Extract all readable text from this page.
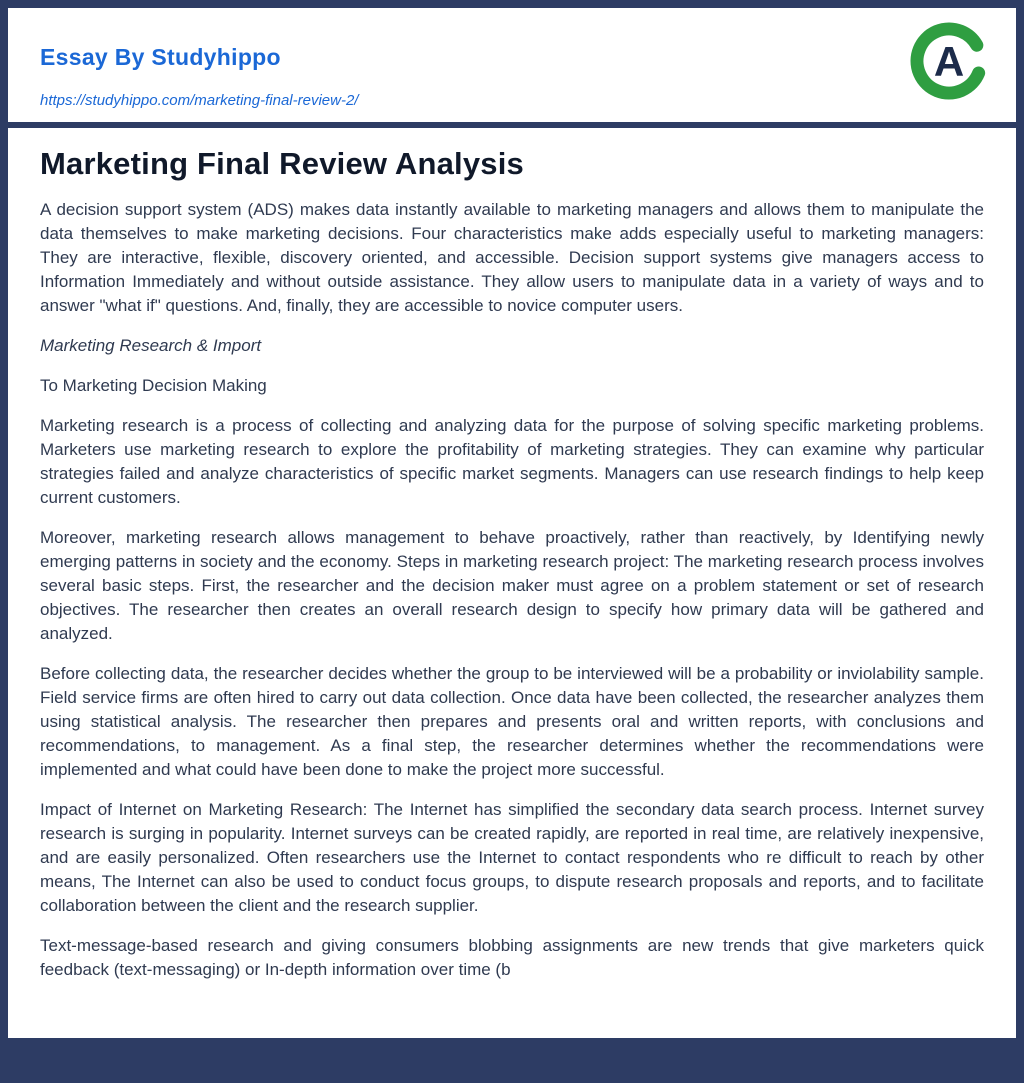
Essay By Studyhippo
https://studyhippo.com/marketing-final-review-2/
A
Marketing Final Review Analysis

A decision support system (ADS) makes data instantly available to marketing managers and allows them to manipulate the data themselves to make marketing decisions. Four characteristics make adds especially useful to marketing managers: They are interactive, flexible, discovery oriented, and accessible. Decision support systems give managers access to Information Immediately and without outside assistance. They allow users to manipulate data in a variety of ways and to answer "what if" questions. And, finally, they are accessible to novice computer users.

Marketing Research & Import

To Marketing Decision Making

Marketing research is a process of collecting and analyzing data for the purpose of solving specific marketing problems. Marketers use marketing research to explore the profitability of marketing strategies. They can examine why particular strategies failed and analyze characteristics of specific market segments. Managers can use research findings to help keep current customers.

Moreover, marketing research allows management to behave proactively, rather than reactively, by Identifying newly emerging patterns in society and the economy. Steps in marketing research project: The marketing research process involves several basic steps. First, the researcher and the decision maker must agree on a problem statement or set of research objectives. The researcher then creates an overall research design to specify how primary data will be gathered and analyzed.

Before collecting data, the researcher decides whether the group to be interviewed will be a probability or inviolability sample. Field service firms are often hired to carry out data collection. Once data have been collected, the researcher analyzes them using statistical analysis. The researcher then prepares and presents oral and written reports, with conclusions and recommendations, to management. As a final step, the researcher determines whether the recommendations were implemented and what could have been done to make the project more successful.

Impact of Internet on Marketing Research: The Internet has simplified the secondary data search process. Internet survey research is surging in popularity. Internet surveys can be created rapidly, are reported in real time, are relatively inexpensive, and are easily personalized. Often researchers use the Internet to contact respondents who re difficult to reach by other means, The Internet can also be used to conduct focus groups, to dispute research proposals and reports, and to facilitate collaboration between the client and the research supplier.

Text-message-based research and giving consumers blobbing assignments are new trends that give marketers quick feedback (text-messaging) or In-depth information over time (b
